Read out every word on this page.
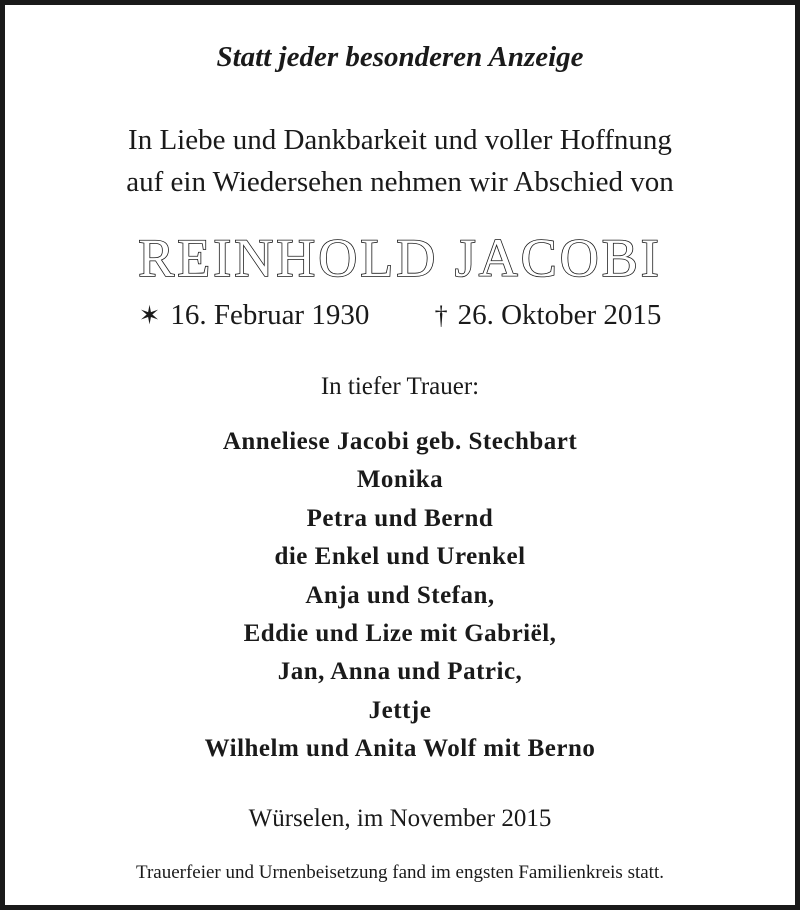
Statt jeder besonderen Anzeige
In Liebe und Dankbarkeit und voller Hoffnung
auf ein Wiedersehen nehmen wir Abschied von
REINHOLD JACOBI
✶ 16. Februar 1930	† 26. Oktober 2015
In tiefer Trauer:
Anneliese Jacobi geb. Stechbart
Monika
Petra und Bernd
die Enkel und Urenkel
Anja und Stefan,
Eddie und Lize mit Gabriël,
Jan, Anna und Patric,
Jettje
Wilhelm und Anita Wolf mit Berno
Würselen, im November 2015
Trauerfeier und Urnenbeisetzung fand im engsten Familienkreis statt.
